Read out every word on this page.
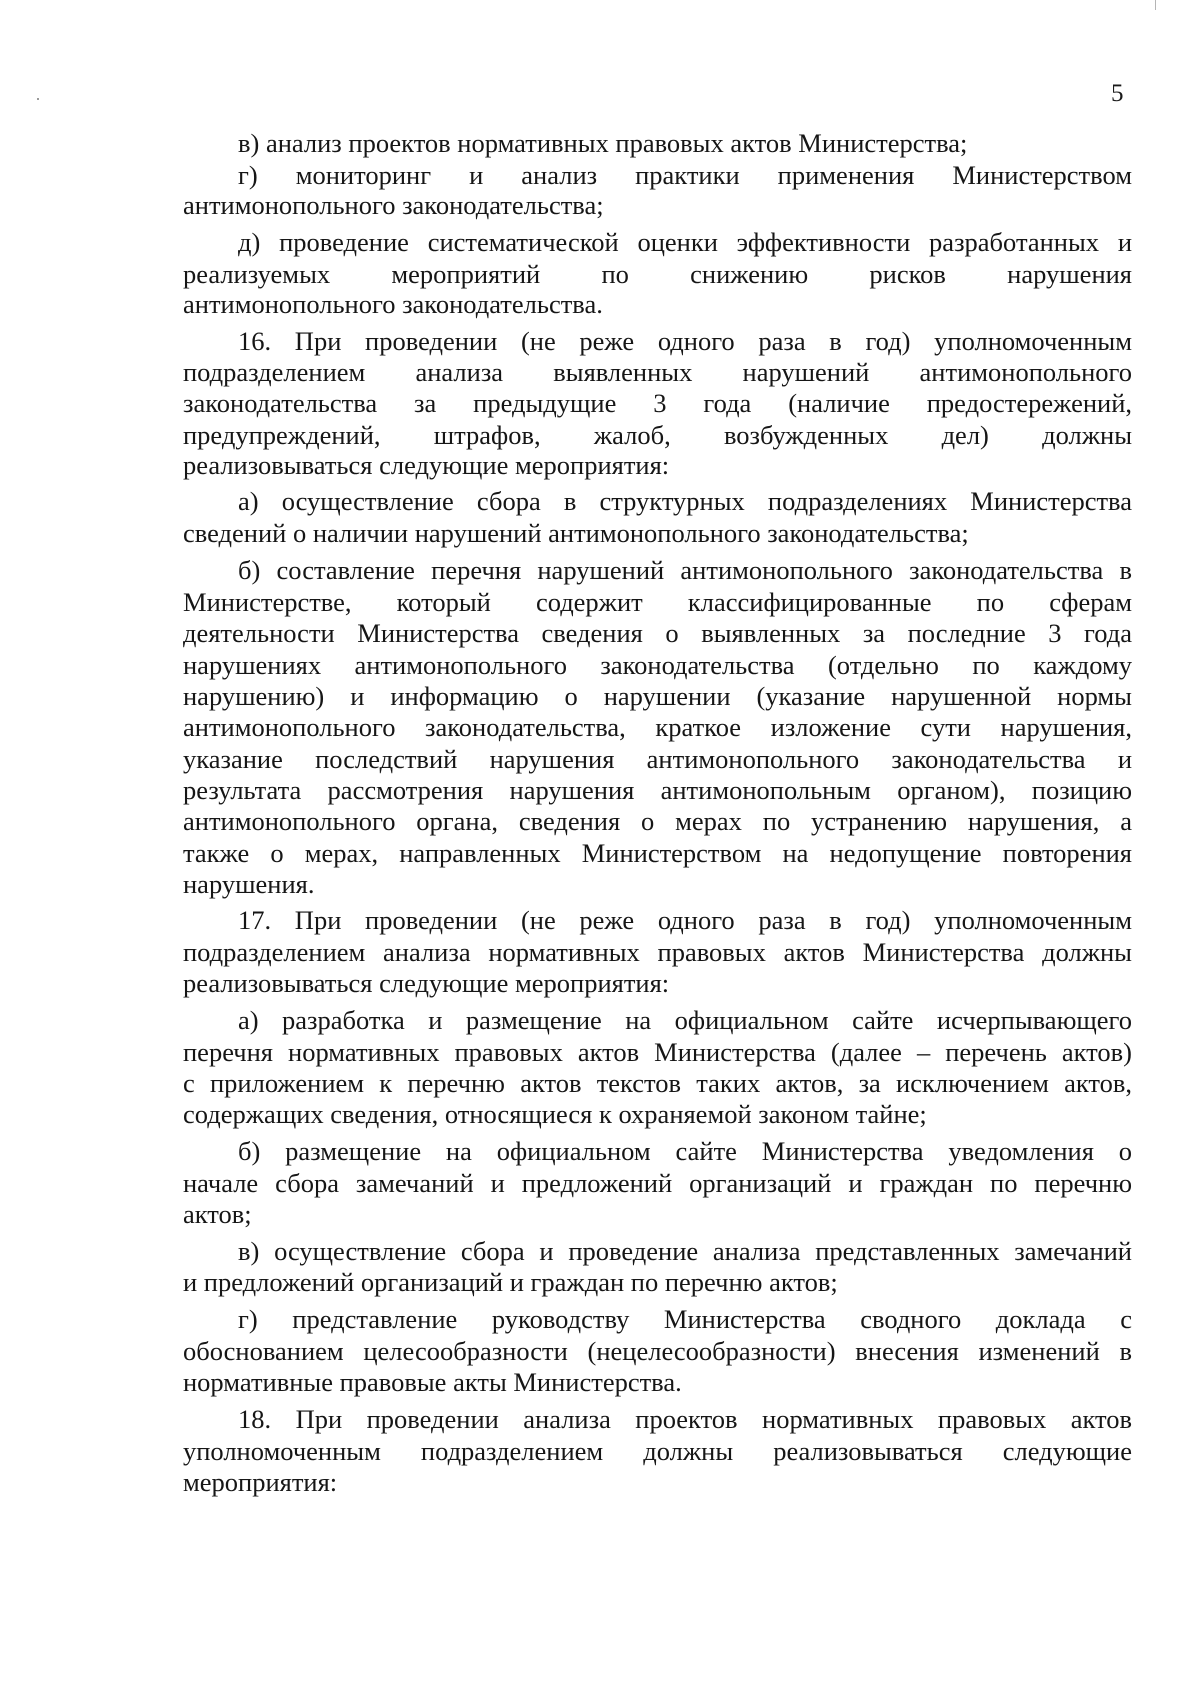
5
в) анализ проектов нормативных правовых актов Министерства;
г) мониторинг и анализ практики применения Министерством
антимонопольного законодательства;
д) проведение систематической оценки эффективности разработанных и
реализуемых мероприятий по снижению рисков нарушения
антимонопольного законодательства.
16. При проведении (не реже одного раза в год) уполномоченным
подразделением анализа выявленных нарушений антимонопольного
законодательства за предыдущие 3 года (наличие предостережений,
предупреждений, штрафов, жалоб, возбужденных дел) должны
реализовываться следующие мероприятия:
а) осуществление сбора в структурных подразделениях Министерства
сведений о наличии нарушений антимонопольного законодательства;
б) составление перечня нарушений антимонопольного законодательства в
Министерстве, который содержит классифицированные по сферам
деятельности Министерства сведения о выявленных за последние 3 года
нарушениях антимонопольного законодательства (отдельно по каждому
нарушению) и информацию о нарушении (указание нарушенной нормы
антимонопольного законодательства, краткое изложение сути нарушения,
указание последствий нарушения антимонопольного законодательства и
результата рассмотрения нарушения антимонопольным органом), позицию
антимонопольного органа, сведения о мерах по устранению нарушения, а
также о мерах, направленных Министерством на недопущение повторения
нарушения.
17. При проведении (не реже одного раза в год) уполномоченным
подразделением анализа нормативных правовых актов Министерства должны
реализовываться следующие мероприятия:
а) разработка и размещение на официальном сайте исчерпывающего
перечня нормативных правовых актов Министерства (далее – перечень актов)
с приложением к перечню актов текстов таких актов, за исключением актов,
содержащих сведения, относящиеся к охраняемой законом тайне;
б) размещение на официальном сайте Министерства уведомления о
начале сбора замечаний и предложений организаций и граждан по перечню
актов;
в) осуществление сбора и проведение анализа представленных замечаний
и предложений организаций и граждан по перечню актов;
г) представление руководству Министерства сводного доклада с
обоснованием целесообразности (нецелесообразности) внесения изменений в
нормативные правовые акты Министерства.
18. При проведении анализа проектов нормативных правовых актов
уполномоченным подразделением должны реализовываться следующие
мероприятия:
